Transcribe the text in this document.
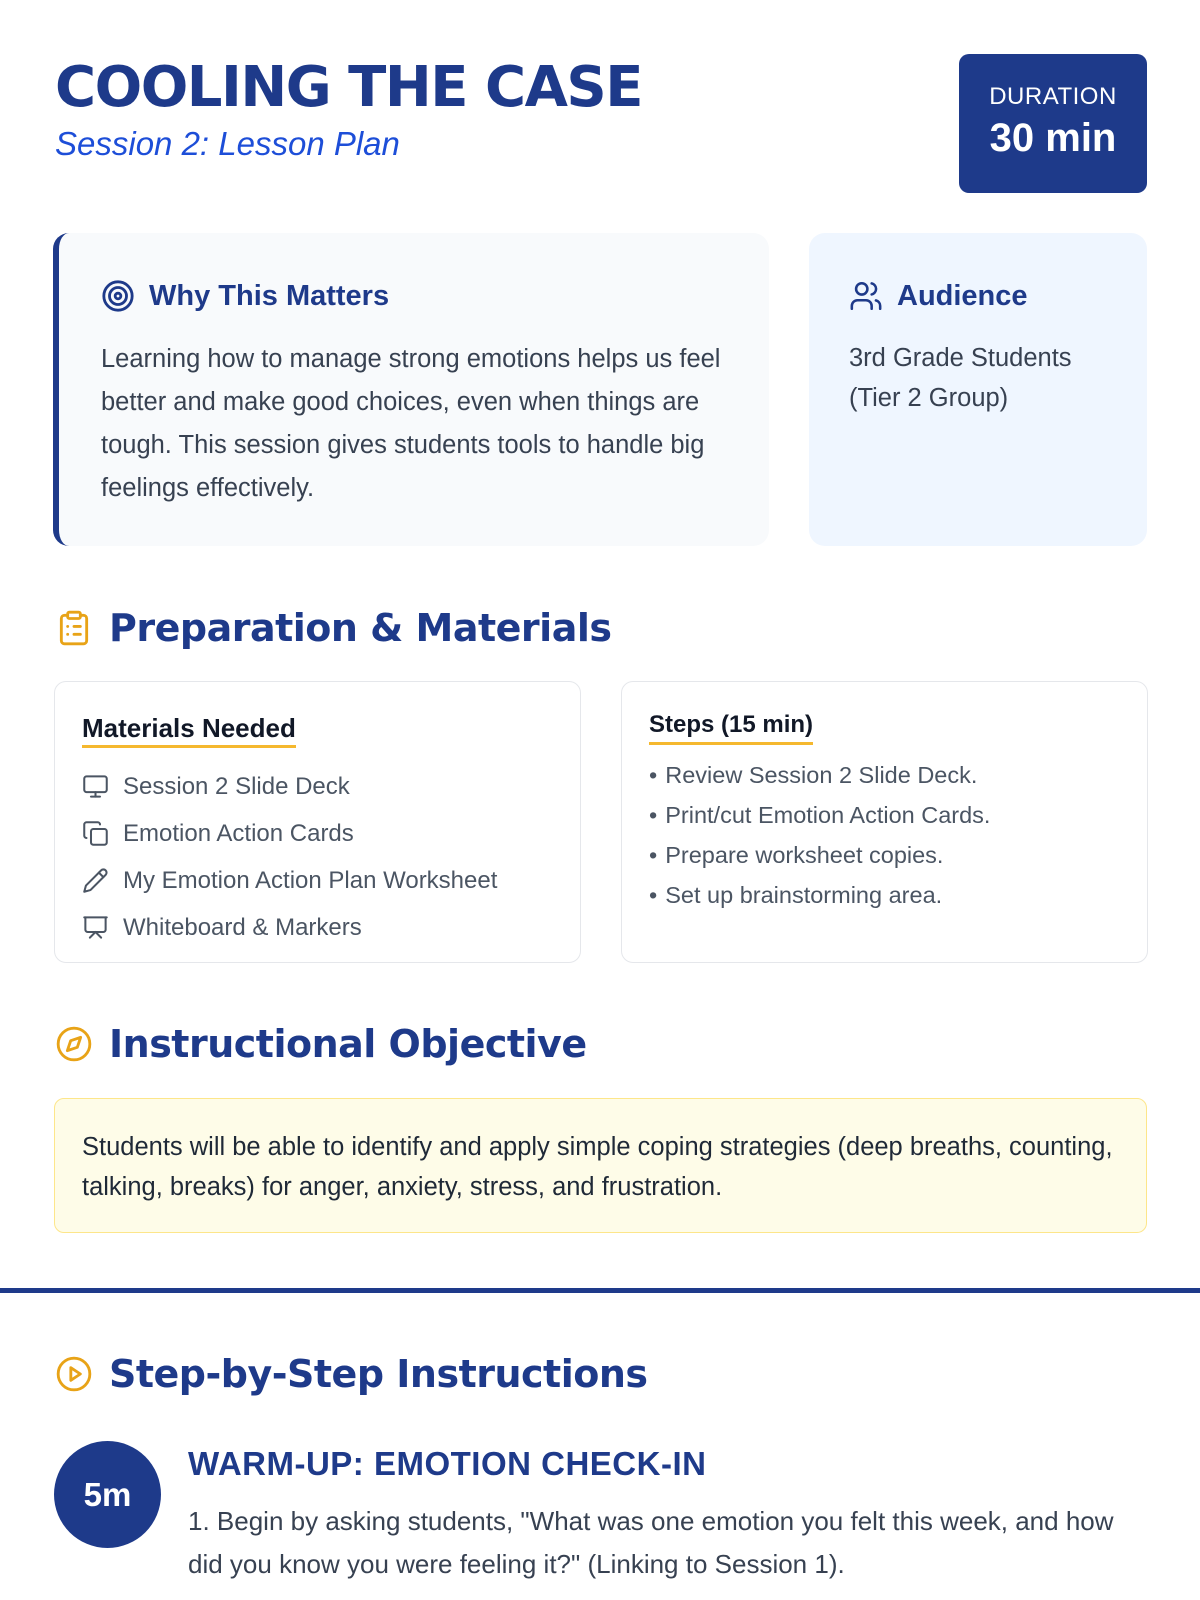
COOLING THE CASE
Session 2: Lesson Plan
DURATION
30 min
Why This Matters

Learning how to manage strong emotions helps us feel better and make good choices, even when things are tough. This session gives students tools to handle big feelings effectively.

Audience

3rd Grade Students (Tier 2 Group)

Preparation & Materials
Materials Needed
Session 2 Slide Deck
Emotion Action Cards
My Emotion Action Plan Worksheet
Whiteboard & Markers
Steps (15 min)
• Review Session 2 Slide Deck.
• Print/cut Emotion Action Cards.
• Prepare worksheet copies.
• Set up brainstorming area.
Instructional Objective

Students will be able to identify and apply simple coping strategies (deep breaths, counting, talking, breaks) for anger, anxiety, stress, and frustration.

Step-by-Step Instructions
5m
WARM-UP: EMOTION CHECK-IN

1. Begin by asking students, "What was one emotion you felt this week, and how did you know you were feeling it?" (Linking to Session 1).
